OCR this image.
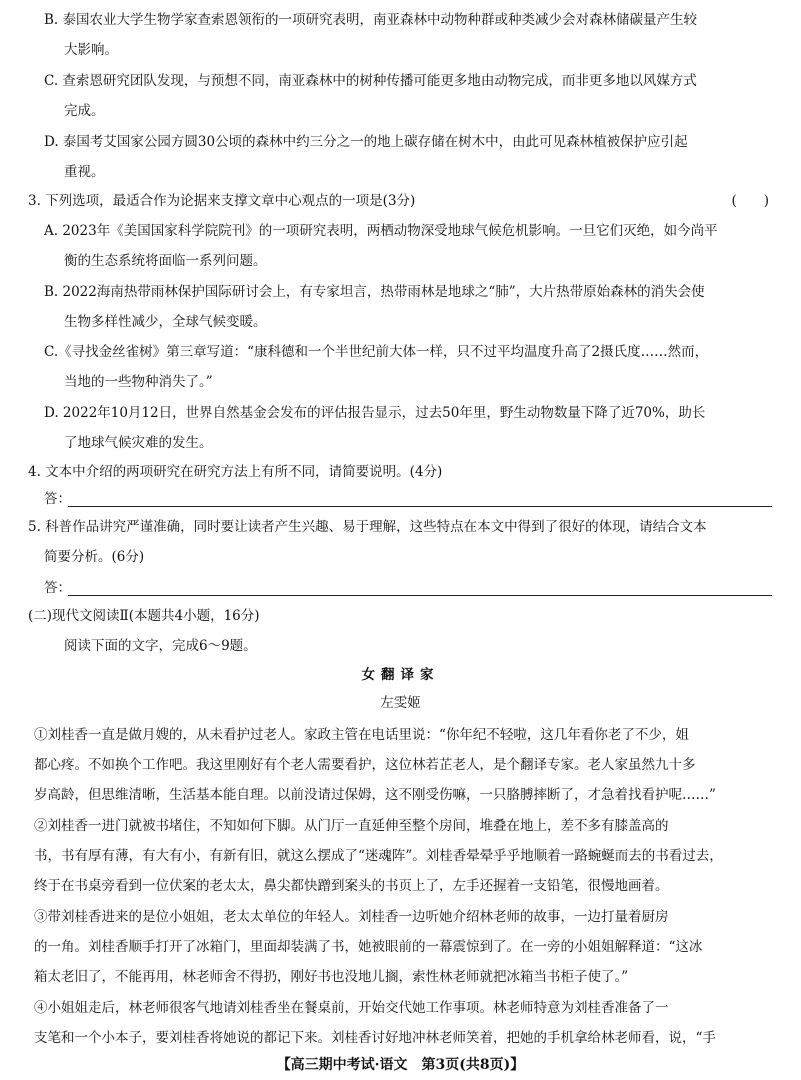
B. 泰国农业大学生物学家查索恩领衔的一项研究表明，南亚森林中动物种群或种类减少会对森林储碳量产生较
大影响。
C. 查索恩研究团队发现，与预想不同，南亚森林中的树种传播可能更多地由动物完成，而非更多地以风媒方式
完成。
D. 泰国考艾国家公园方圆30公顷的森林中约三分之一的地上碳存储在树木中，由此可见森林植被保护应引起
重视。
3. 下列选项，最适合作为论据来支撑文章中心观点的一项是(3分)	(　　)
A. 2023年《美国国家科学院院刊》的一项研究表明，两栖动物深受地球气候危机影响。一旦它们灭绝，如今尚平
衡的生态系统将面临一系列问题。
B. 2022海南热带雨林保护国际研讨会上，有专家坦言，热带雨林是地球之“肺”，大片热带原始森林的消失会使
生物多样性减少，全球气候变暖。
C.《寻找金丝雀树》第三章写道：“康科德和一个半世纪前大体一样，只不过平均温度升高了2摄氏度……然而，
当地的一些物种消失了。”
D. 2022年10月12日，世界自然基金会发布的评估报告显示，过去50年里，野生动物数量下降了近70%，助长
了地球气候灾难的发生。
4. 文本中介绍的两项研究在研究方法上有所不同，请简要说明。(4分)
答：
5. 科普作品讲究严谨准确，同时要让读者产生兴趣、易于理解，这些特点在本文中得到了很好的体现，请结合文本
简要分析。(6分)
答：
(二)现代文阅读Ⅱ(本题共4小题，16分)
阅读下面的文字，完成6～9题。
女翻译家
左雯姬
①刘桂香一直是做月嫂的，从未看护过老人。家政主管在电话里说：“你年纪不轻啦，这几年看你老了不少，姐
都心疼。不如换个工作吧。我这里刚好有个老人需要看护，这位林若芷老人，是个翻译专家。老人家虽然九十多
岁高龄，但思维清晰，生活基本能自理。以前没请过保姆，这不刚受伤嘛，一只胳膊摔断了，才急着找看护呢……”
②刘桂香一进门就被书堵住，不知如何下脚。从门厅一直延伸至整个房间，堆叠在地上，差不多有膝盖高的
书，书有厚有薄，有大有小，有新有旧，就这么摆成了“迷魂阵”。刘桂香晕晕乎乎地顺着一路蜿蜒而去的书看过去，
终于在书桌旁看到一位伏案的老太太，鼻尖都快蹭到案头的书页上了，左手还握着一支铅笔，很慢地画着。
③带刘桂香进来的是位小姐姐，老太太单位的年轻人。刘桂香一边听她介绍林老师的故事，一边打量着厨房
的一角。刘桂香顺手打开了冰箱门，里面却装满了书，她被眼前的一幕震惊到了。在一旁的小姐姐解释道：“这冰
箱太老旧了，不能再用，林老师舍不得扔，刚好书也没地儿搁，索性林老师就把冰箱当书柜子使了。”
④小姐姐走后，林老师很客气地请刘桂香坐在餐桌前，开始交代她工作事项。林老师特意为刘桂香准备了一
支笔和一个小本子，要刘桂香将她说的都记下来。刘桂香讨好地冲林老师笑着，把她的手机拿给林老师看，说，“手
【高三期中考试·语文　第3页(共8页)】
